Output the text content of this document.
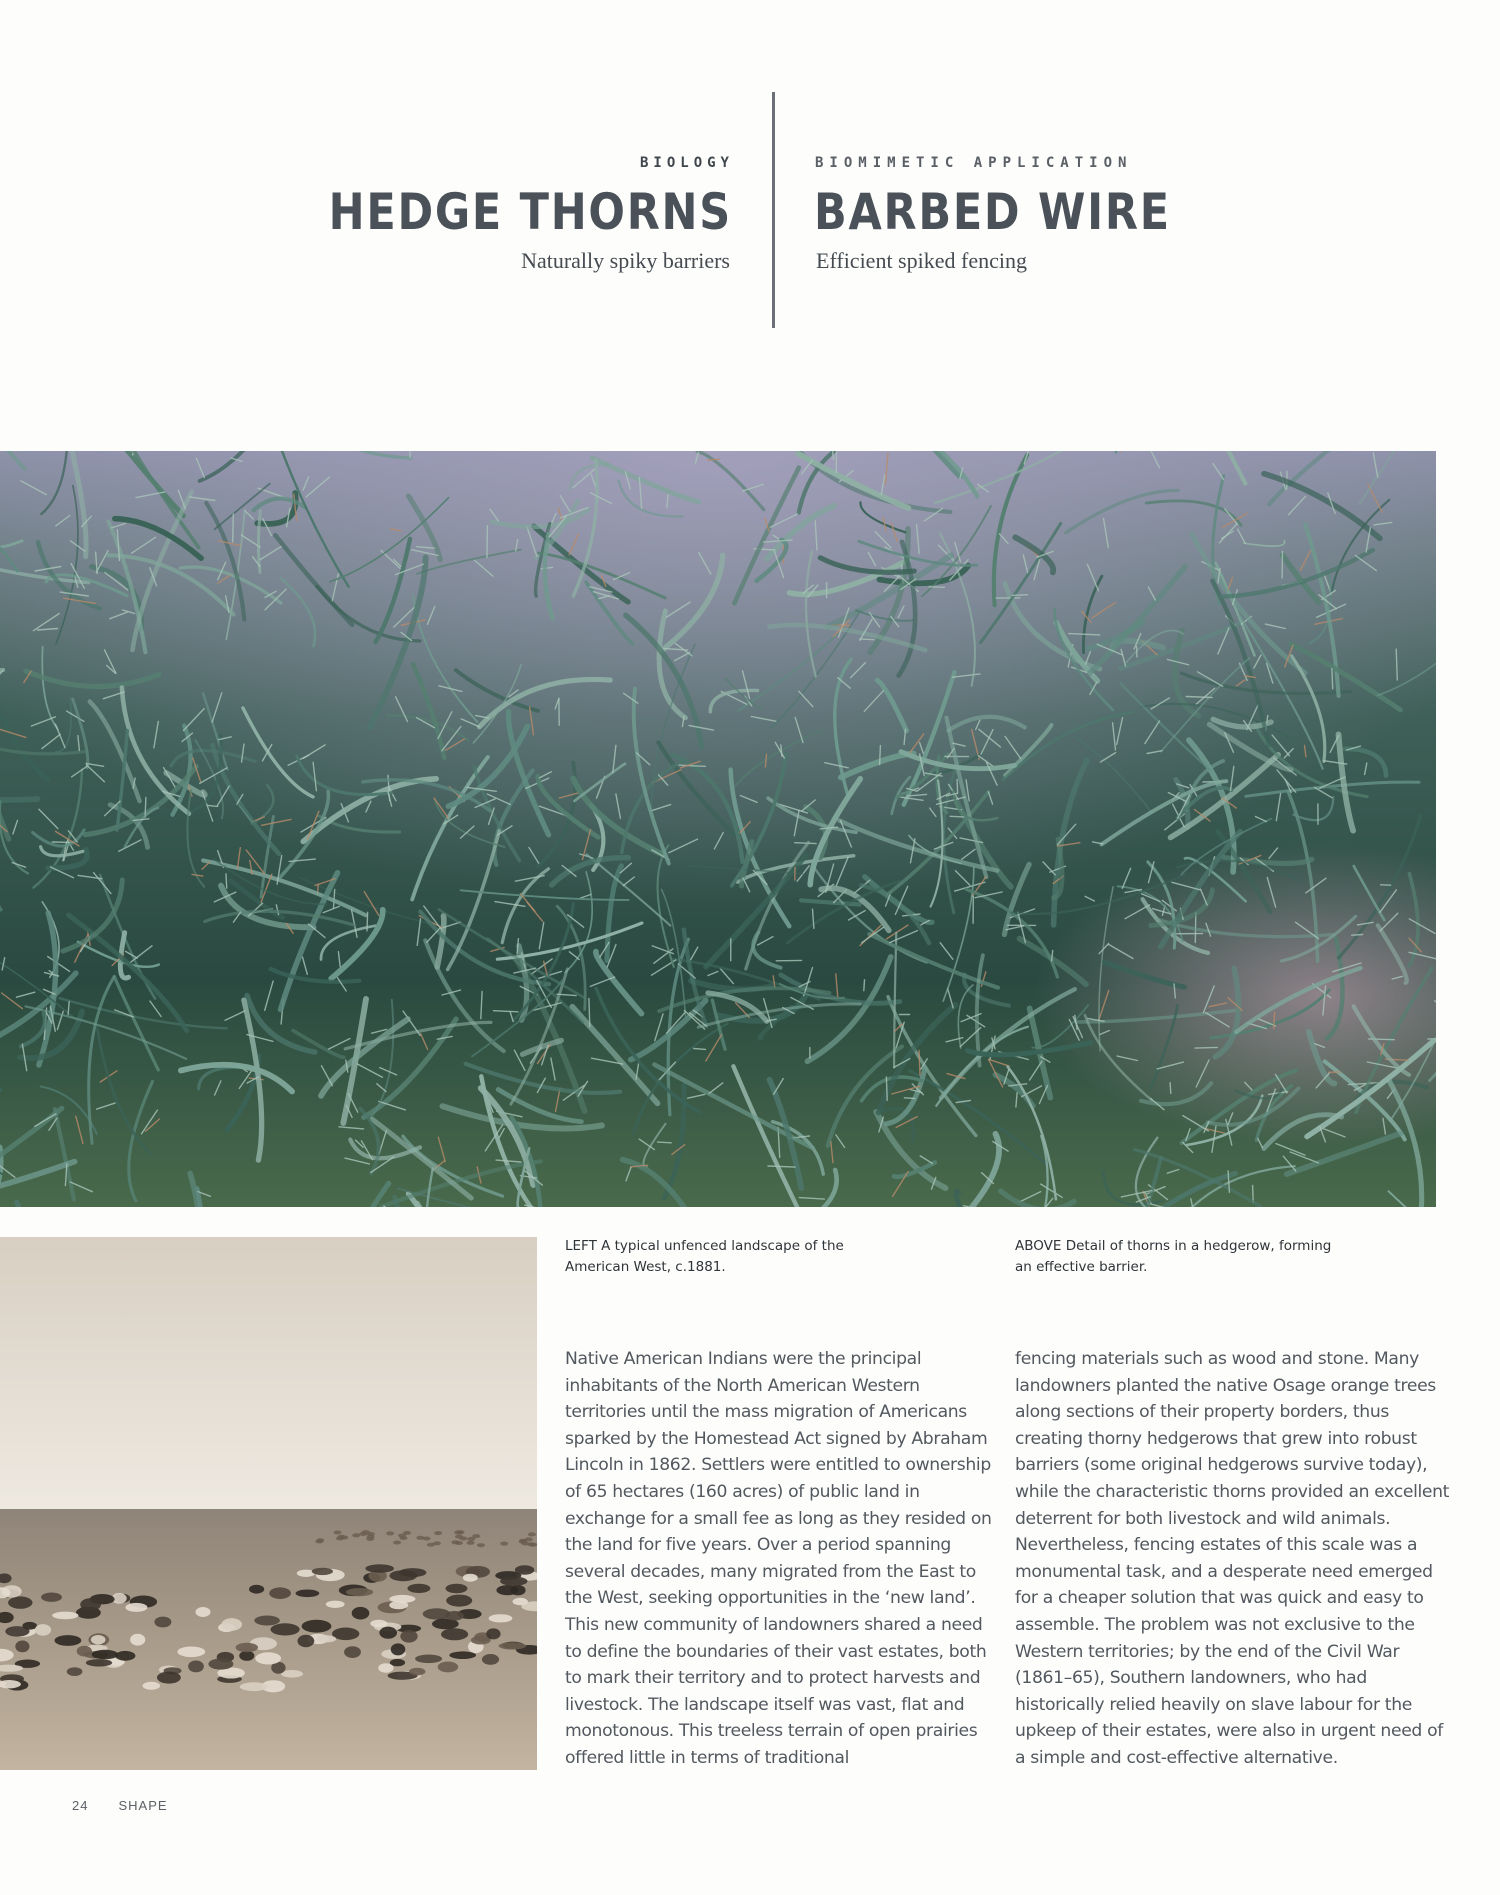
BIOLOGY
HEDGE THORNS
Naturally spiky barriers
BIOMIMETIC APPLICATION
BARBED WIRE
Efficient spiked fencing
LEFT A typical unfenced landscape of the American West, c.1881.
ABOVE Detail of thorns in a hedgerow, forming an effective barrier.

Native American Indians were the principal inhabitants of the North American Western territories until the mass migration of Americans sparked by the Homestead Act signed by Abraham Lincoln in 1862. Settlers were entitled to ownership of 65 hectares (160 acres) of public land in exchange for a small fee as long as they resided on the land for five years. Over a period spanning several decades, many migrated from the East to the West, seeking opportunities in the ‘new land’. This new community of landowners shared a need to define the boundaries of their vast estates, both to mark their territory and to protect harvests and livestock. The landscape itself was vast, flat and monotonous. This treeless terrain of open prairies offered little in terms of traditional

fencing materials such as wood and stone. Many landowners planted the native Osage orange trees along sections of their property borders, thus creating thorny hedgerows that grew into robust barriers (some original hedgerows survive today), while the characteristic thorns provided an excellent deterrent for both livestock and wild animals. Nevertheless, fencing estates of this scale was a monumental task, and a desperate need emerged for a cheaper solution that was quick and easy to assemble. The problem was not exclusive to the Western territories; by the end of the Civil War (1861–65), Southern landowners, who had historically relied heavily on slave labour for the upkeep of their estates, were also in urgent need of a simple and cost-effective alternative.

24 SHAPE
